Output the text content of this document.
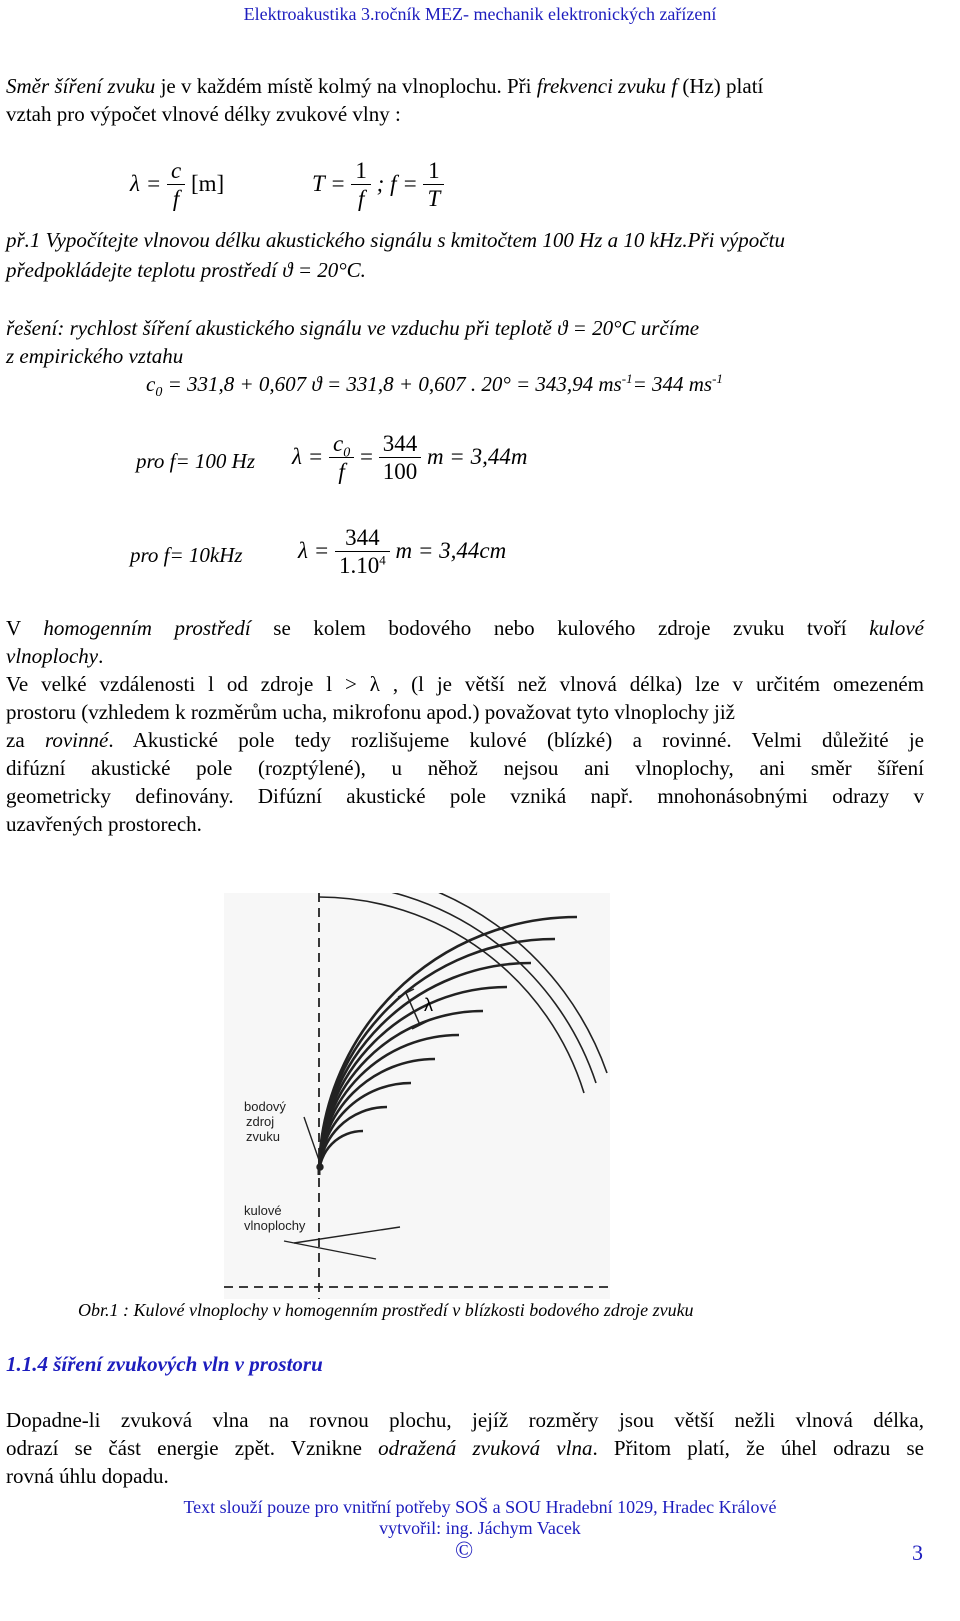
Elektroakustika 3.ročník MEZ- mechanik elektronických zařízení
Směr šíření zvuku je v každém místě kolmý na vlnoplochu. Při frekvenci zvuku f (Hz) platí
vztah pro výpočet vlnové délky zvukové vlny :
$\lambda = \frac{c}{f} [m]$	$T = \frac{1}{f}$ ; $f = \frac{1}{T}$
př.1 Vypočítejte vlnovou délku akustického signálu s kmitočtem 100 Hz a 10 kHz.Při výpočtu
předpokládejte teplotu prostředí ϑ = 20°C.
řešení: rychlost šíření akustického signálu ve vzduchu při teplotě ϑ = 20°C určíme
z empirického vztahu
$c_0 = 331,8 + 0,607$ ϑ = 331,8 + 0,607 . 20° = 343,94 $ms^{-1}= 344$ $ms^{-1}$
pro f= 100 Hz $\lambda = \frac{c_0}{f} = \frac{344}{100}$ m = 3,44m
pro f= 10kHz $\lambda = \frac{344}{1.10^4}$ m = 3,44cm
V homogenním prostředí se kolem bodového nebo kulového zdroje zvuku tvoří kulové
vlnoplochy.
Ve velké vzdálenosti l od zdroje l > λ , (l je větší než vlnová délka) lze v určitém omezeném
prostoru (vzhledem k rozměrům ucha, mikrofonu apod.) považovat tyto vlnoplochy již
za rovinné. Akustické pole tedy rozlišujeme kulové (blízké) a rovinné. Velmi důležité je
difúzní akustické pole (rozptýlené), u něhož nejsou ani vlnoplochy, ani směr šíření
geometricky definovány. Difúzní akustické pole vzniká např. mnohonásobnými odrazy v
uzavřených prostorech.
λ
bodový
zdroj
zvuku
kulové
vlnoplochy
Obr.1 : Kulové vlnoplochy v homogenním prostředí v blízkosti bodového zdroje zvuku
1.1.4 šíření zvukových vln v prostoru
Dopadne-li zvuková vlna na rovnou plochu, jejíž rozměry jsou větší nežli vlnová délka,
odrazí se část energie zpět. Vznikne odražená zvuková vlna. Přitom platí, že úhel odrazu se
rovná úhlu dopadu.
Text slouží pouze pro vnitřní potřeby SOŠ a SOU Hradební 1029, Hradec Králové
vytvořil: ing. Jáchym Vacek
©	3
